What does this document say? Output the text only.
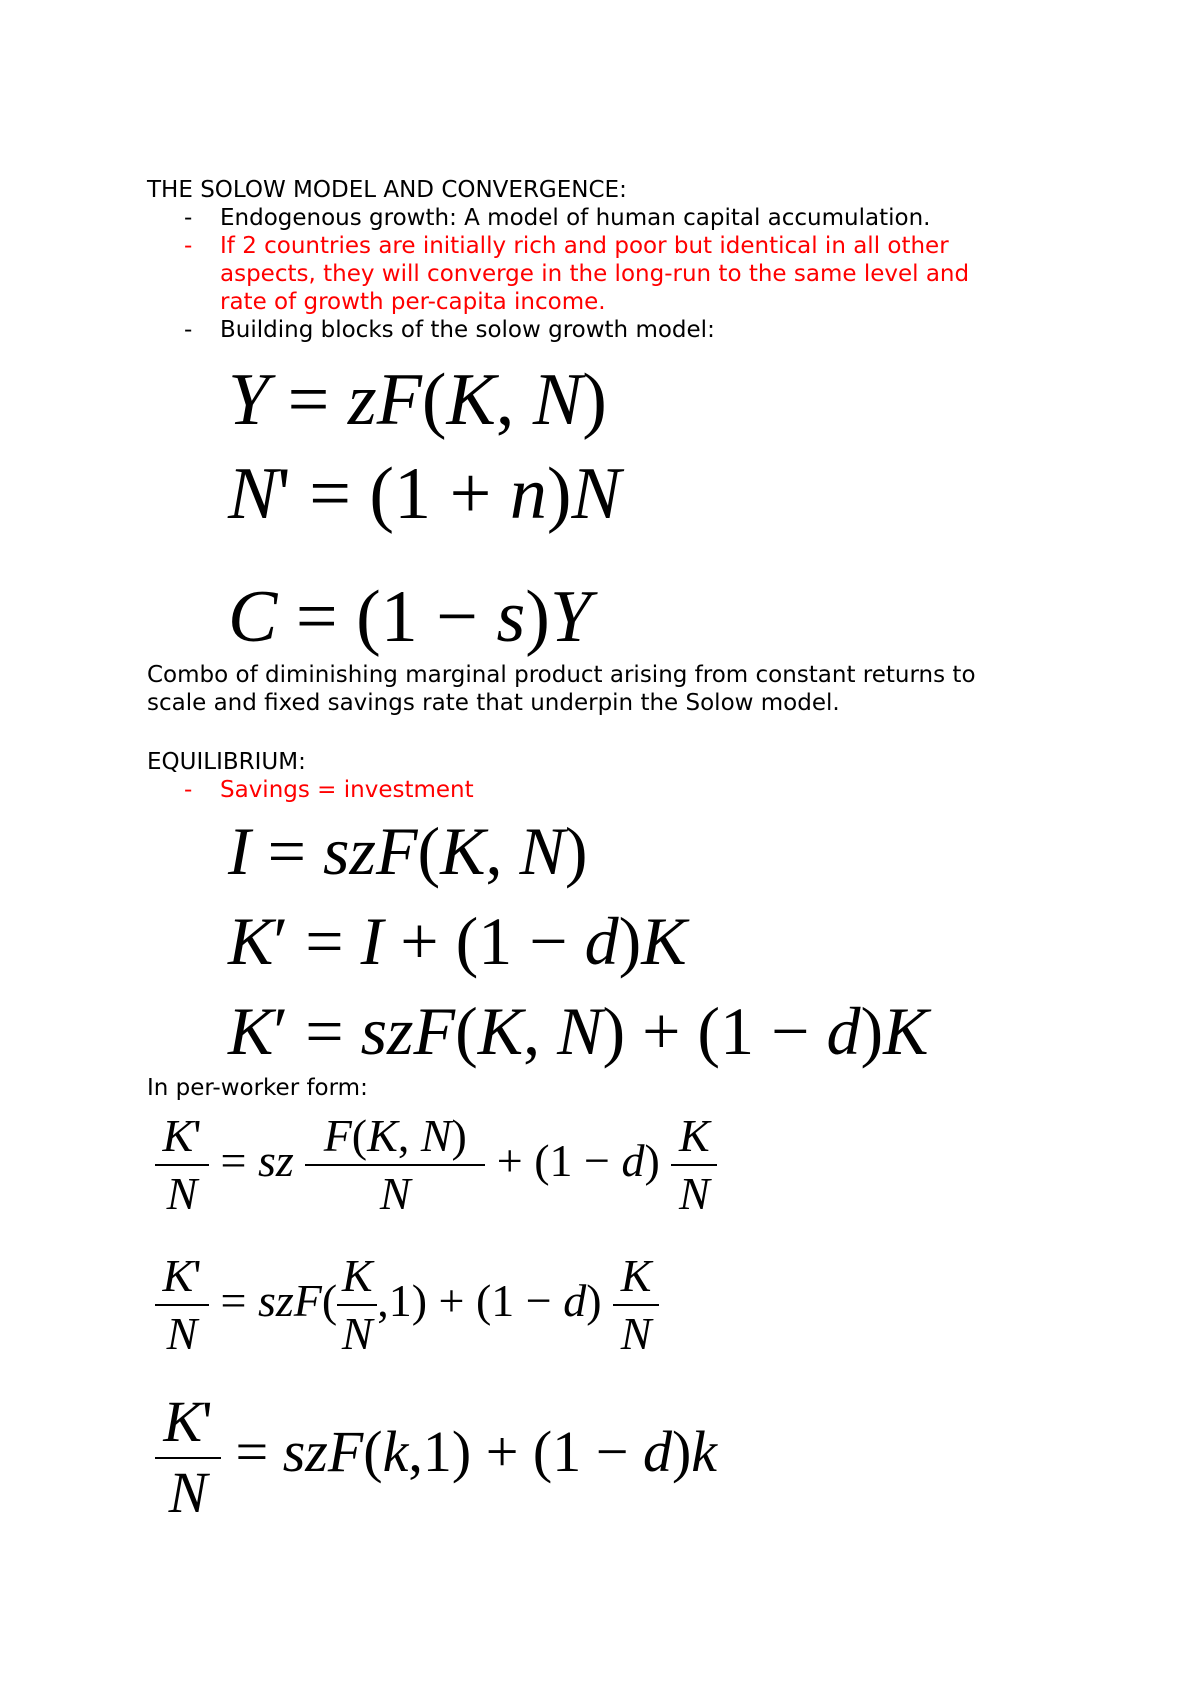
THE SOLOW MODEL AND CONVERGENCE:
- Endogenous growth: A model of human capital accumulation.
- If 2 countries are initially rich and poor but identical in all other
aspects, they will converge in the long-run to the same level and
rate of growth per-capita income.
- Building blocks of the solow growth model:
Y = zF(K, N)
N' = (1 + n)N
C = (1 − s)Y
Combo of diminishing marginal product arising from constant returns to
scale and fixed savings rate that underpin the Solow model.
EQUILIBRIUM:
- Savings = investment
I = szF(K, N)
K′ = I + (1 − d)K
K′ = szF(K, N) + (1 − d)K
In per-worker form:
$\frac{K'}{N}$ = sz $\frac{F(K, N)}{N} + (1 - d) \frac{K}{N}$
$\frac{K'}{N} = szF( \frac{K}{N} ,1) + (1 - d) \frac{K}{N}$
$\frac{K'}{N} = szF(k,1) + (1 - d)k$
